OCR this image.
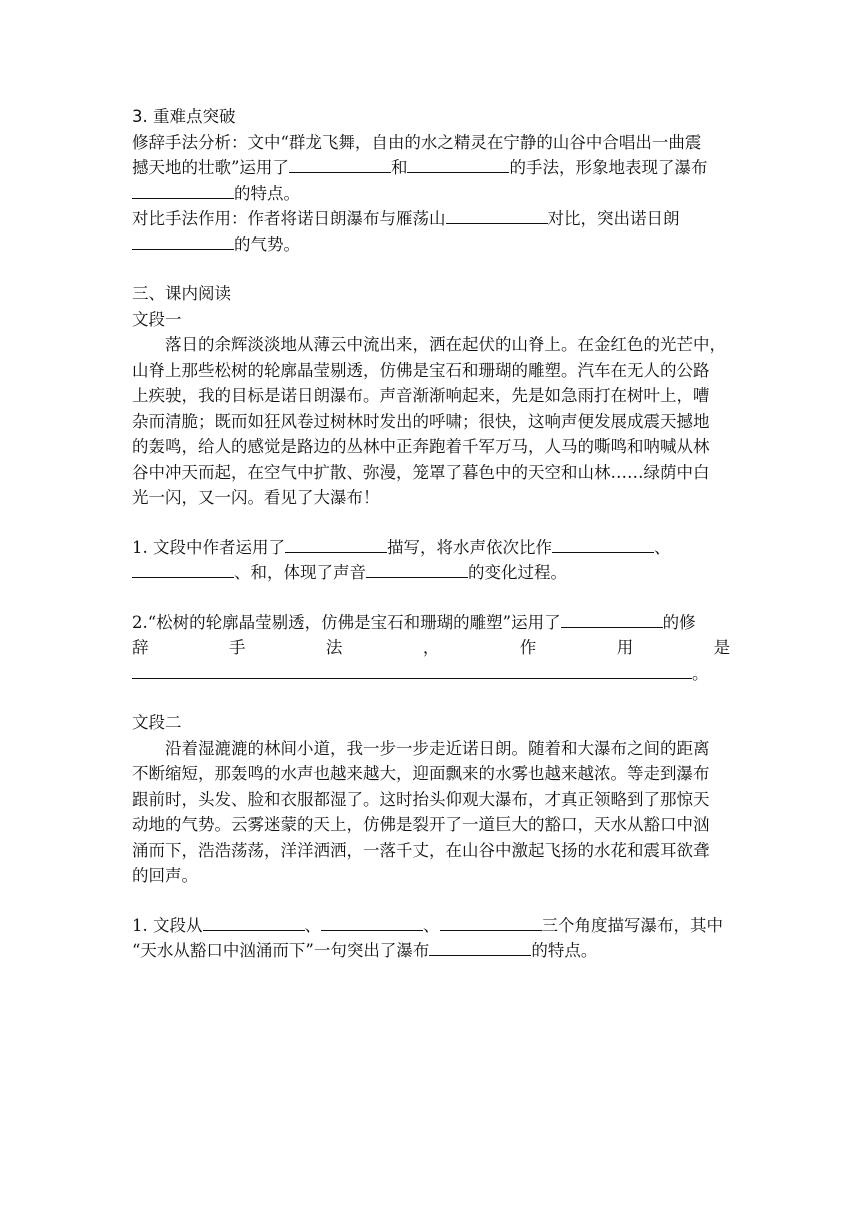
3. 重难点突破
修辞手法分析：文中“群龙飞舞，自由的水之精灵在宁静的山谷中合唱出一曲震
撼天地的壮歌”运用了	和	的手法，形象地表现了瀑布
的特点。
对比手法作用：作者将诺日朗瀑布与雁荡山	对比，突出诺日朗
的气势。
三、课内阅读
文段一
落日的余辉淡淡地从薄云中流出来，洒在起伏的山脊上。在金红色的光芒中，
山脊上那些松树的轮廓晶莹剔透，仿佛是宝石和珊瑚的雕塑。汽车在无人的公路
上疾驶，我的目标是诺日朗瀑布。声音渐渐响起来，先是如急雨打在树叶上，嘈
杂而清脆；既而如狂风卷过树林时发出的呼啸；很快，这响声便发展成震天撼地
的轰鸣，给人的感觉是路边的丛林中正奔跑着千军万马，人马的嘶鸣和呐喊从林
谷中冲天而起，在空气中扩散、弥漫，笼罩了暮色中的天空和山林……绿荫中白
光一闪，又一闪。看见了大瀑布！
1. 文段中作者运用了	描写，将水声依次比作	、
、和，体现了声音	的变化过程。
2.“松树的轮廓晶莹剔透，仿佛是宝石和珊瑚的雕塑”运用了	的修
辞	手	法	，	作	用	是
。
文段二
沿着湿漉漉的林间小道，我一步一步走近诺日朗。随着和大瀑布之间的距离
不断缩短，那轰鸣的水声也越来越大，迎面飘来的水雾也越来越浓。等走到瀑布
跟前时，头发、脸和衣服都湿了。这时抬头仰观大瀑布，才真正领略到了那惊天
动地的气势。云雾迷蒙的天上，仿佛是裂开了一道巨大的豁口，天水从豁口中汹
涌而下，浩浩荡荡，洋洋洒洒，一落千丈，在山谷中激起飞扬的水花和震耳欲聋
的回声。
1. 文段从	、	、	三个角度描写瀑布，其中
“天水从豁口中汹涌而下”一句突出了瀑布	的特点。
